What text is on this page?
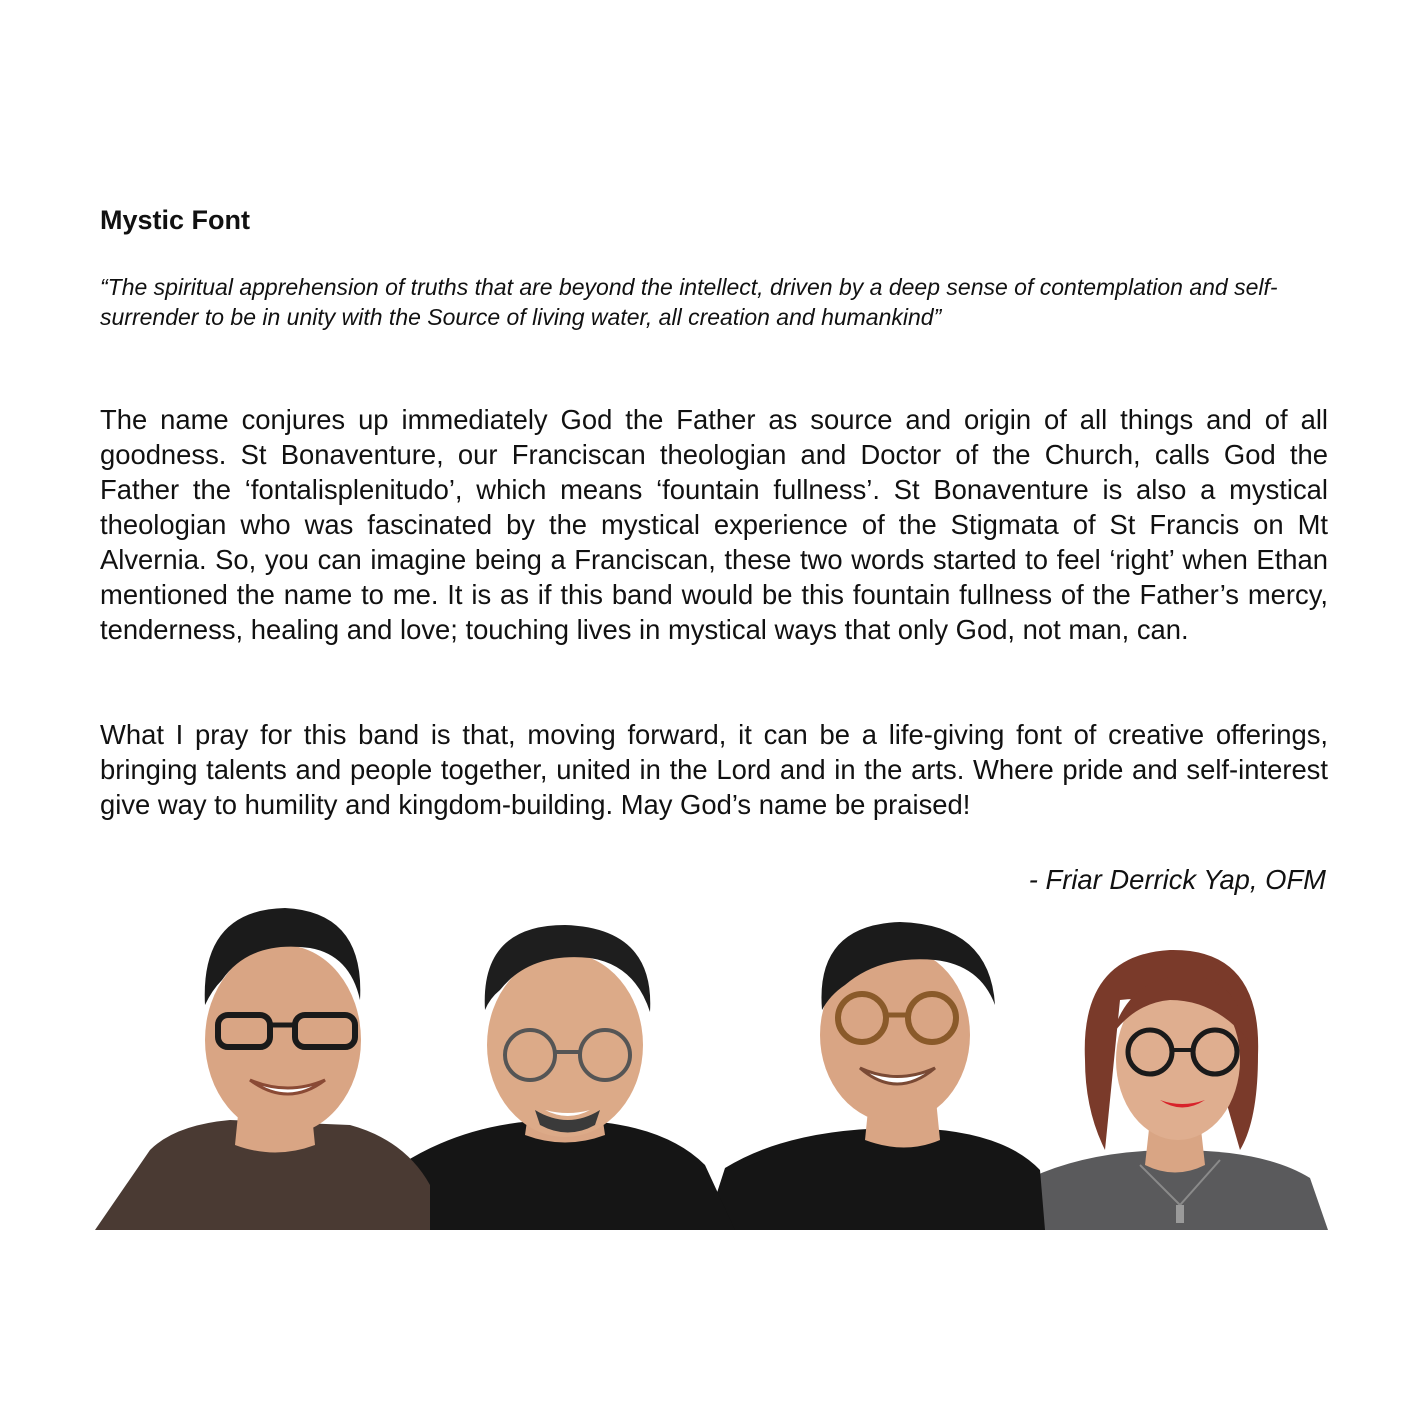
Mystic Font

“The spiritual apprehension of truths that are beyond the intellect, driven by a deep sense of contemplation and self-surrender to be in unity with the Source of living water, all creation and humankind”

The name conjures up immediately God the Father as source and origin of all things and of all goodness. St Bonaventure, our Franciscan theologian and Doctor of the Church, calls God the Father the ‘fontalisplenitudo’, which means ‘fountain fullness’. St Bonaventure is also a mystical theologian who was fascinated by the mystical experience of the Stigmata of St Francis on Mt Alvernia. So, you can imagine being a Franciscan, these two words started to feel ‘right’ when Ethan mentioned the name to me. It is as if this band would be this fountain fullness of the Father’s mercy, tenderness, healing and love; touching lives in mystical ways that only God, not man, can.

What I pray for this band is that, moving forward, it can be a life-giving font of creative offerings, bringing talents and people together, united in the Lord and in the arts. Where pride and self-interest give way to humility and kingdom-building. May God’s name be praised!

- Friar Derrick Yap, OFM
